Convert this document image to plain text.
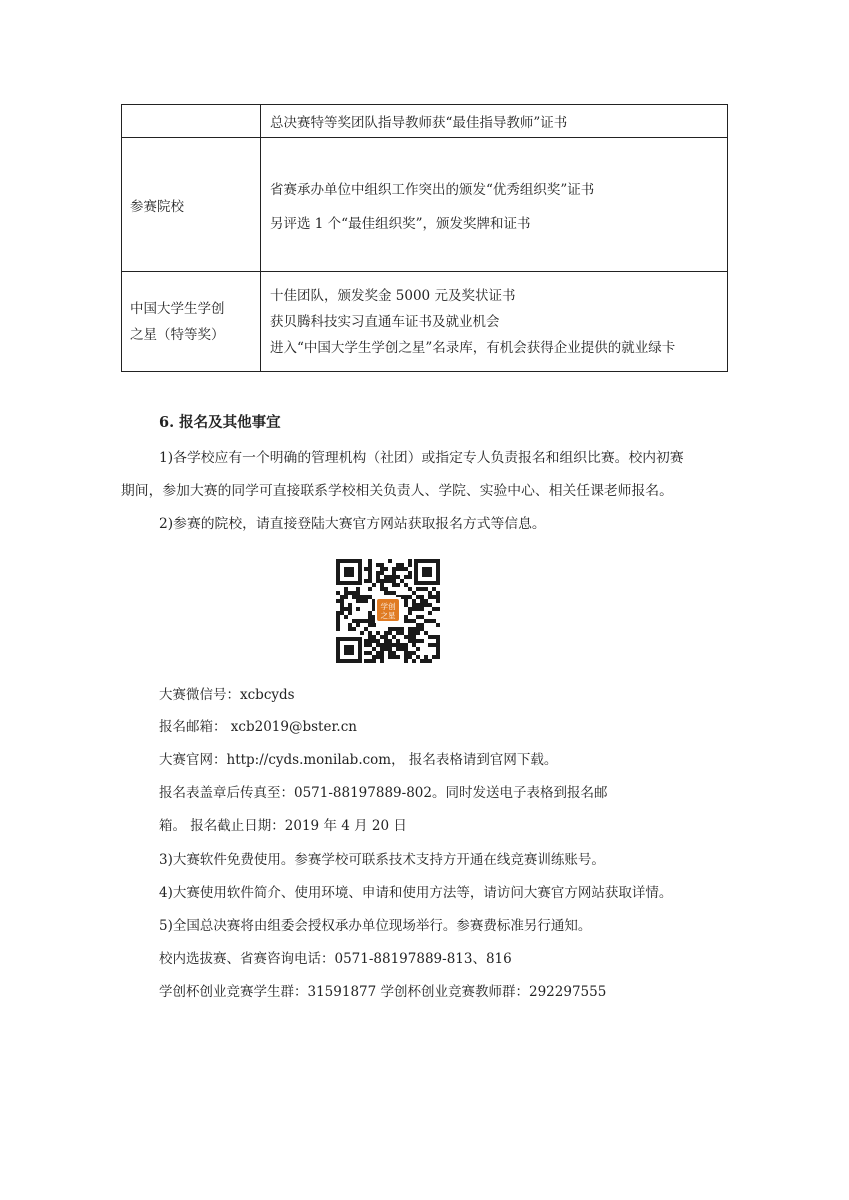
	总决赛特等奖团队指导教师获“最佳指导教师”证书

参赛院校	省赛承办单位中组织工作突出的颁发“优秀组织奖”证书
另评选 1 个“最佳组织奖”，颁发奖牌和证书

中国大学生学创
之星（特等奖）	十佳团队，颁发奖金 5000 元及奖状证书
获贝腾科技实习直通车证书及就业机会
进入“中国大学生学创之星”名录库，有机会获得企业提供的就业绿卡
6. 报名及其他事宜
1)各学校应有一个明确的管理机构（社团）或指定专人负责报名和组织比赛。校内初赛
期间，参加大赛的同学可直接联系学校相关负责人、学院、实验中心、相关任课老师报名。
2)参赛的院校，请直接登陆大赛官方网站获取报名方式等信息。
学创
之星
大赛微信号：xcbcyds
报名邮箱： xcb2019@bster.cn
大赛官网：http://cyds.monilab.com， 报名表格请到官网下载。
报名表盖章后传真至：0571-88197889-802。同时发送电子表格到报名邮
箱。 报名截止日期：2019 年 4 月 20 日
3)大赛软件免费使用。参赛学校可联系技术支持方开通在线竞赛训练账号。
4)大赛使用软件简介、使用环境、申请和使用方法等，请访问大赛官方网站获取详情。
5)全国总决赛将由组委会授权承办单位现场举行。参赛费标准另行通知。
校内选拔赛、省赛咨询电话：0571-88197889-813、816
学创杯创业竞赛学生群：31591877 学创杯创业竞赛教师群：292297555
